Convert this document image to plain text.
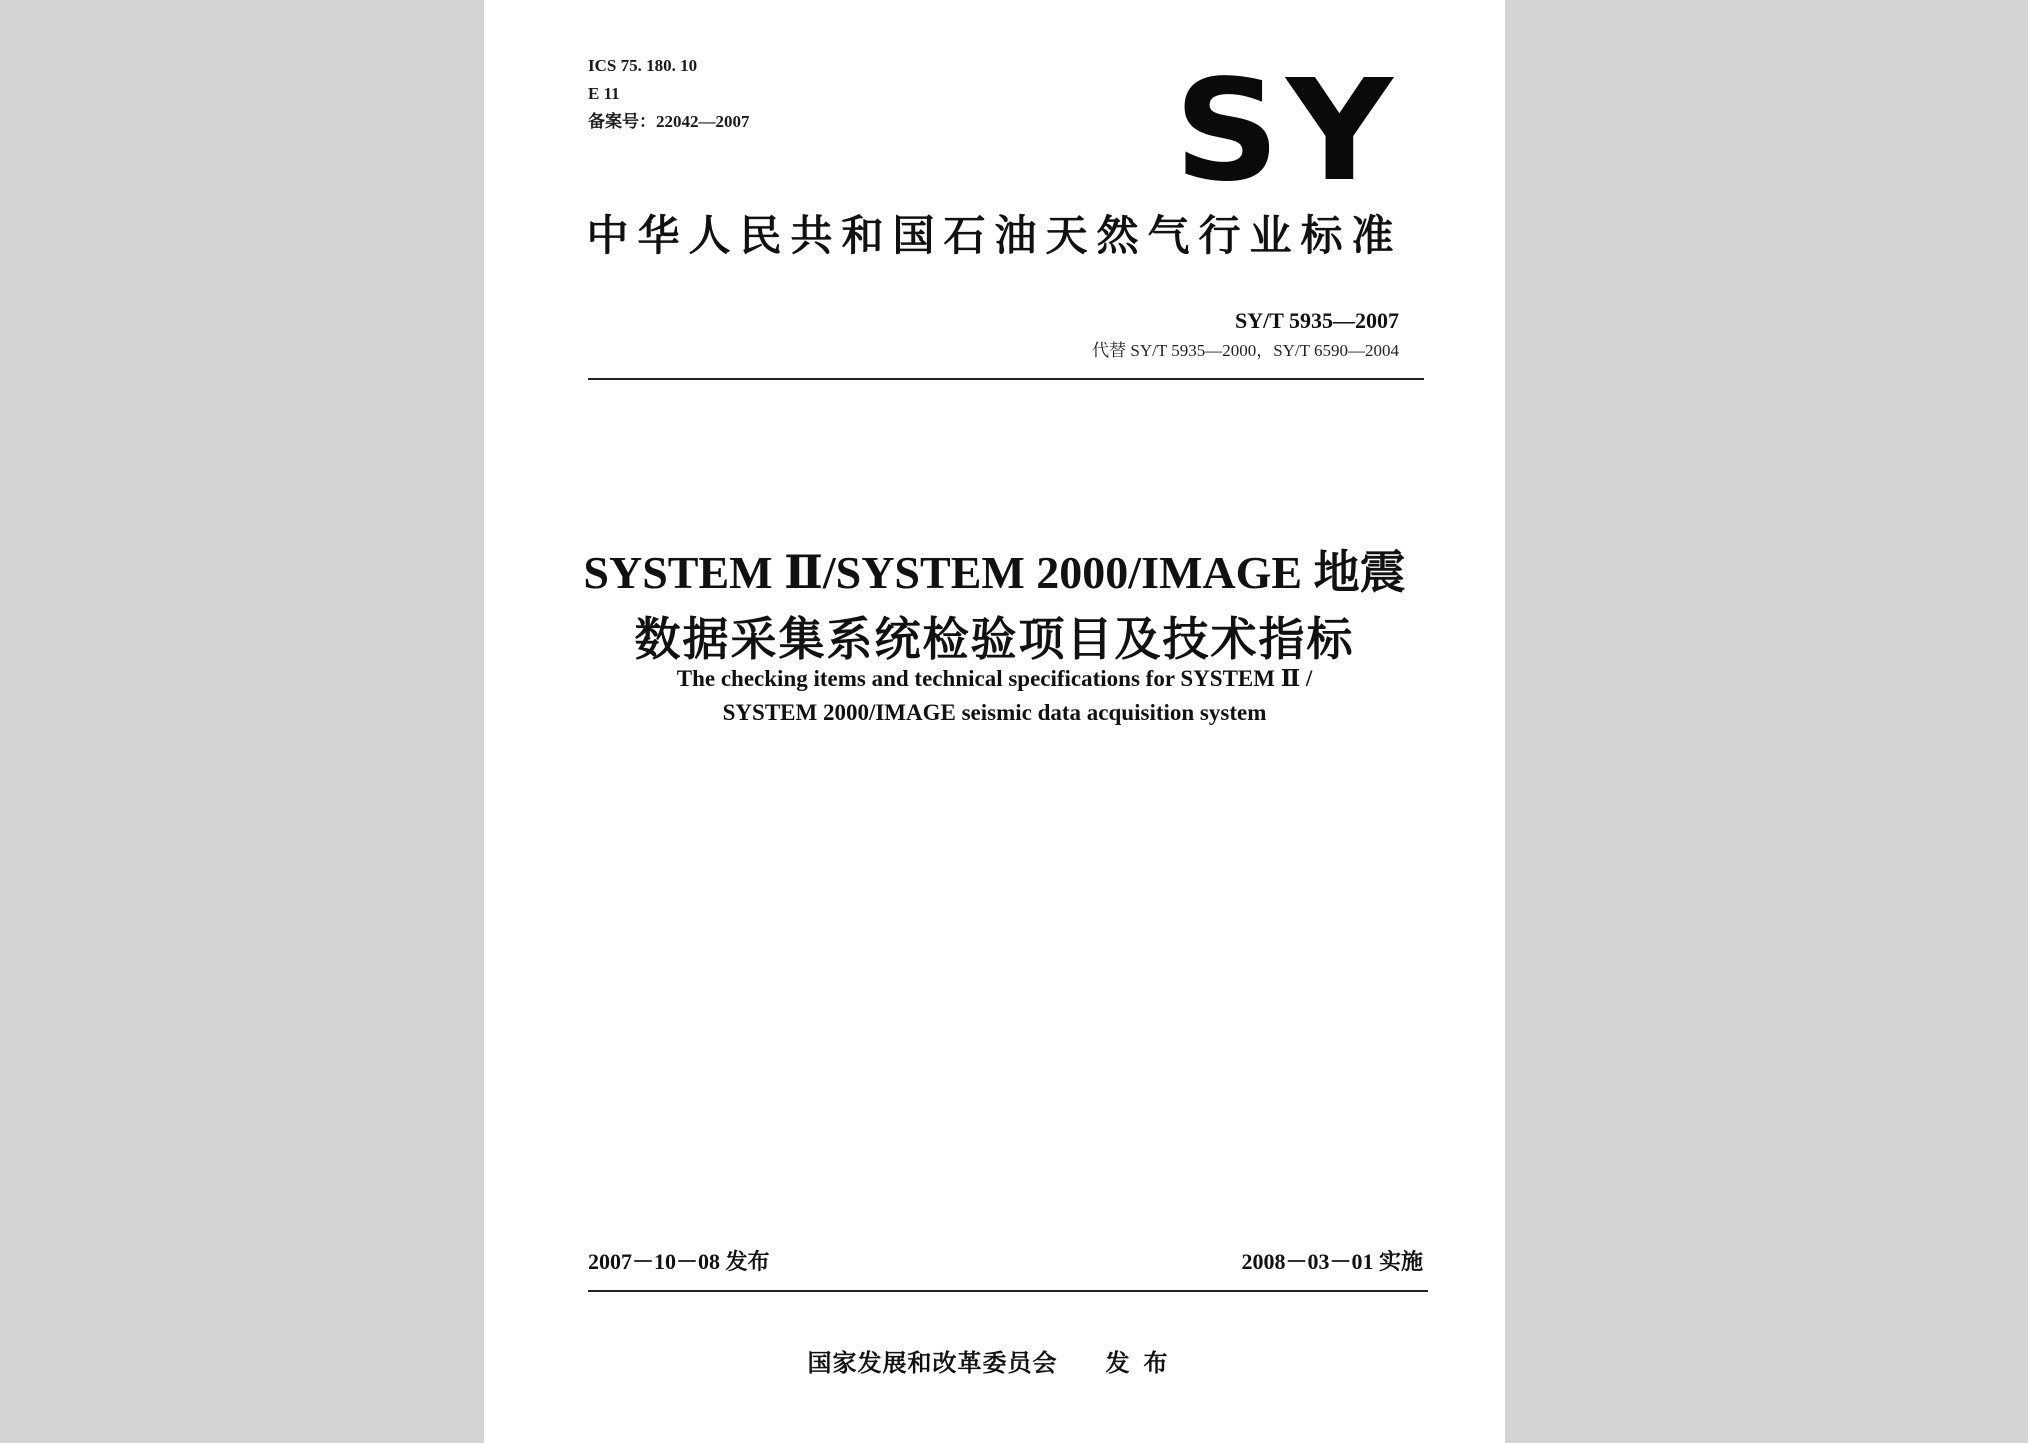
ICS 75. 180. 10
E 11
备案号：22042—2007	SY
中华人民共和国石油天然气行业标准
SY/T 5935—2007
代替 SY/T 5935—2000，SY/T 6590—2004
SYSTEM Ⅱ/SYSTEM 2000/IMAGE 地震
数据采集系统检验项目及技术指标
The checking items and technical specifications for SYSTEM Ⅱ /
SYSTEM 2000/IMAGE seismic data acquisition system
2007－10－08 发布	2008－03－01 实施
国家发展和改革委员会 发布
